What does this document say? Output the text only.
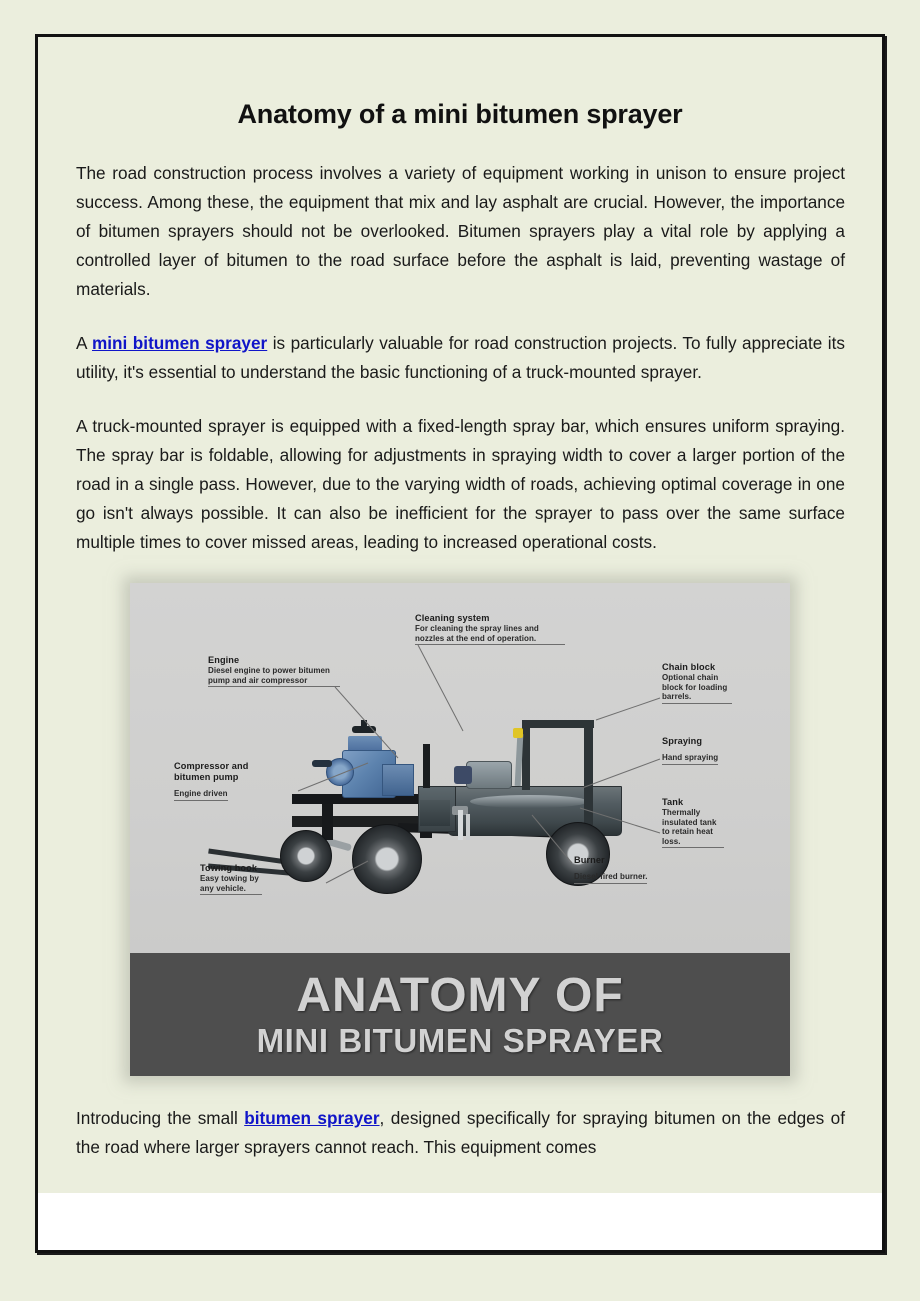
Anatomy of a mini bitumen sprayer

The road construction process involves a variety of equipment working in unison to ensure project success. Among these, the equipment that mix and lay asphalt are crucial. However, the importance of bitumen sprayers should not be overlooked. Bitumen sprayers play a vital role by applying a controlled layer of bitumen to the road surface before the asphalt is laid, preventing wastage of materials.

A mini bitumen sprayer is particularly valuable for road construction projects. To fully appreciate its utility, it's essential to understand the basic functioning of a truck-mounted sprayer.

A truck-mounted sprayer is equipped with a fixed-length spray bar, which ensures uniform spraying. The spray bar is foldable, allowing for adjustments in spraying width to cover a larger portion of the road in a single pass. However, due to the varying width of roads, achieving optimal coverage in one go isn't always possible. It can also be inefficient for the sprayer to pass over the same surface multiple times to cover missed areas, leading to increased operational costs.

Cleaning system
For cleaning the spray lines and nozzles at the end of operation.
Engine
Diesel engine to power bitumen pump and air compressor
Chain block
Optional chain block for loading barrels.
Spraying
Hand spraying
Compressor and bitumen pump
Engine driven
Tank
Thermally insulated tank to retain heat loss.
Burner
Diesel fired burner.
Towing hook
Easy towing by any vehicle.
ANATOMY OF
MINI BITUMEN SPRAYER

Introducing the small bitumen sprayer, designed specifically for spraying bitumen on the edges of the road where larger sprayers cannot reach. This equipment comes
